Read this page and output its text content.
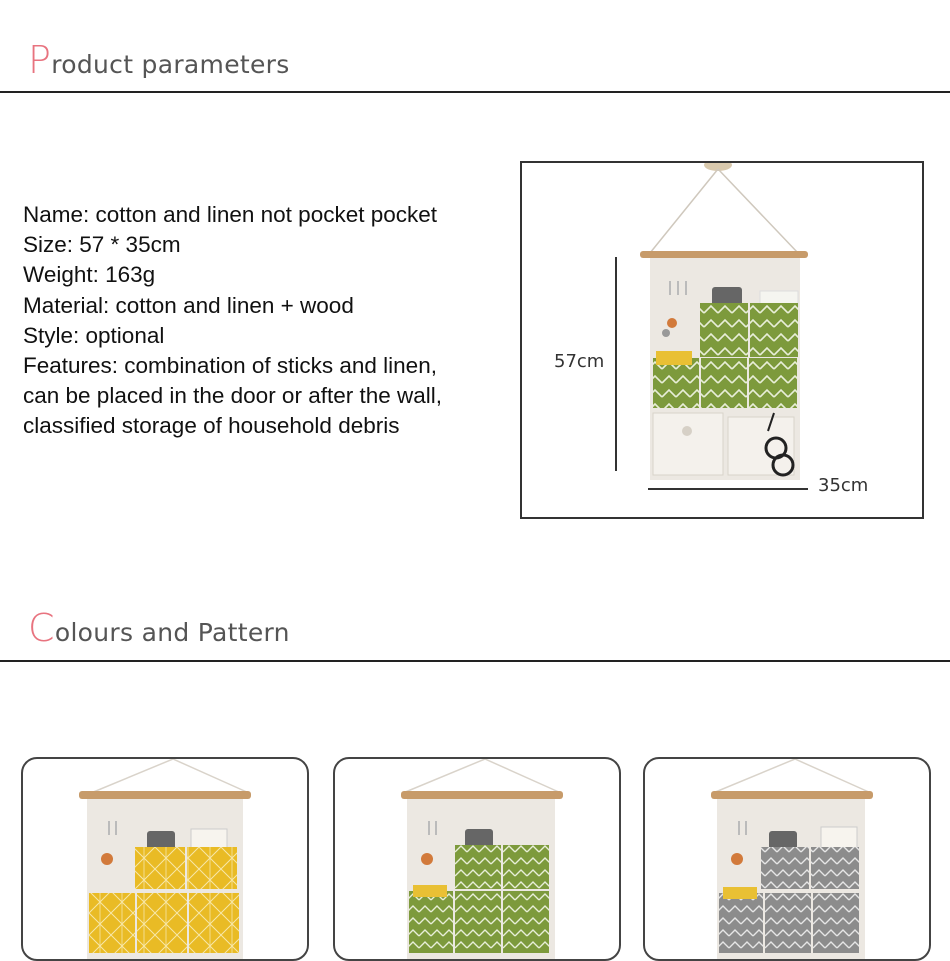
Product parameters
Name: cotton and linen not pocket pocket
Size: 57 * 35cm
Weight: 163g
Material: cotton and linen + wood
Style: optional
Features: combination of sticks and linen,
can be placed in the door or after the wall,
classified storage of household debris
57cm
35cm
Colours and Pattern
